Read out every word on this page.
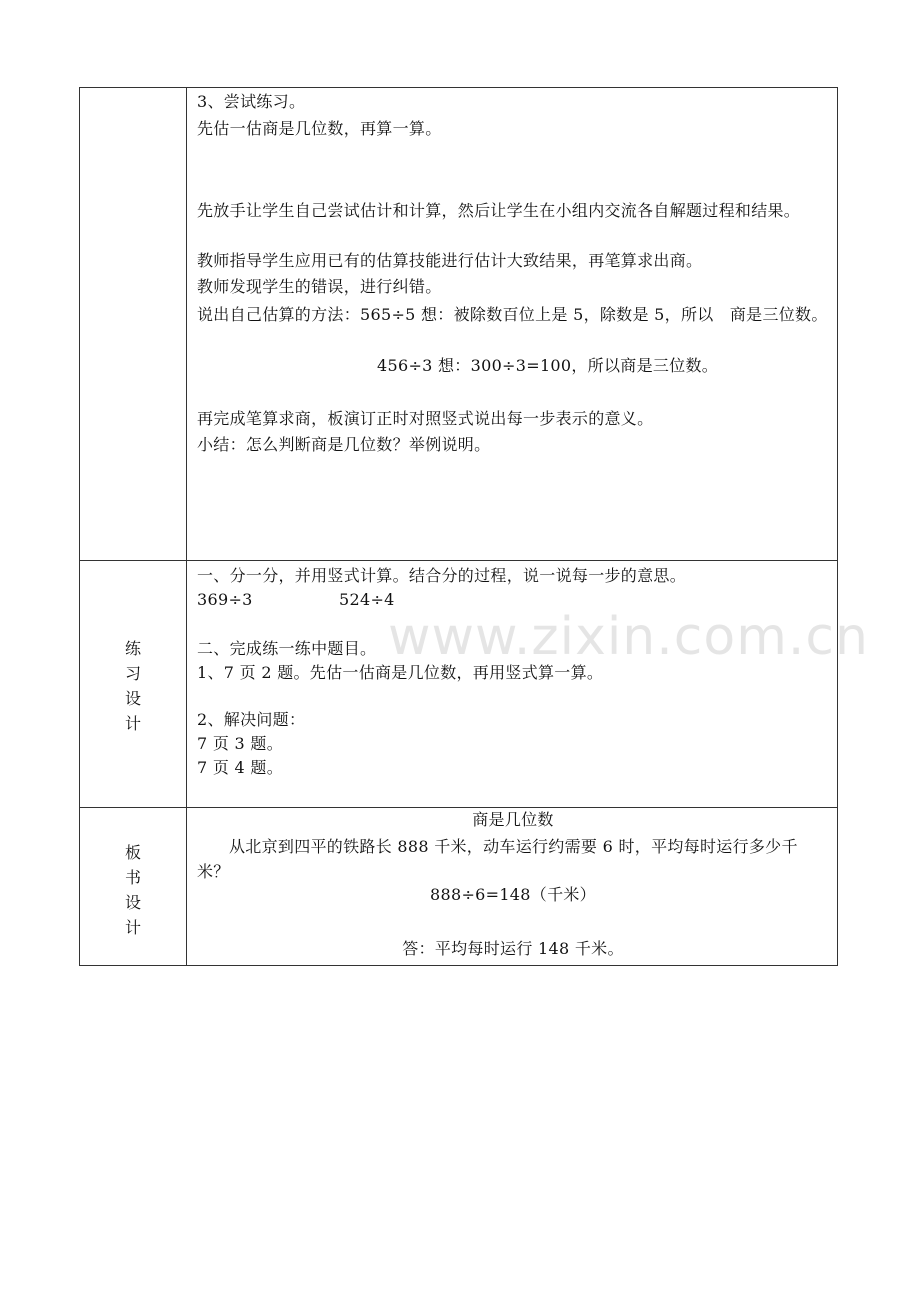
3、尝试练习。
先估一估商是几位数，再算一算。
先放手让学生自己尝试估计和计算，然后让学生在小组内交流各自解题过程和结果。
教师指导学生应用已有的估算技能进行估计大致结果，再笔算求出商。
教师发现学生的错误，进行纠错。
说出自己估算的方法：565÷5 想：被除数百位上是 5，除数是 5，所以　商是三位数。
456÷3 想：300÷3=100，所以商是三位数。
再完成笔算求商，板演订正时对照竖式说出每一步表示的意义。
小结：怎么判断商是几位数？举例说明。
练
习
设
计
一、分一分，并用竖式计算。结合分的过程，说一说每一步的意思。
369÷3	524÷4
二、完成练一练中题目。
1、7 页 2 题。先估一估商是几位数，再用竖式算一算。
2、解决问题：
7 页 3 题。
7 页 4 题。
板
书
设
计
商是几位数
从北京到四平的铁路长 888 千米，动车运行约需要 6 时，平均每时运行多少千米？
888÷6=148（千米）
答：平均每时运行 148 千米。
www.zixin.com.cn
